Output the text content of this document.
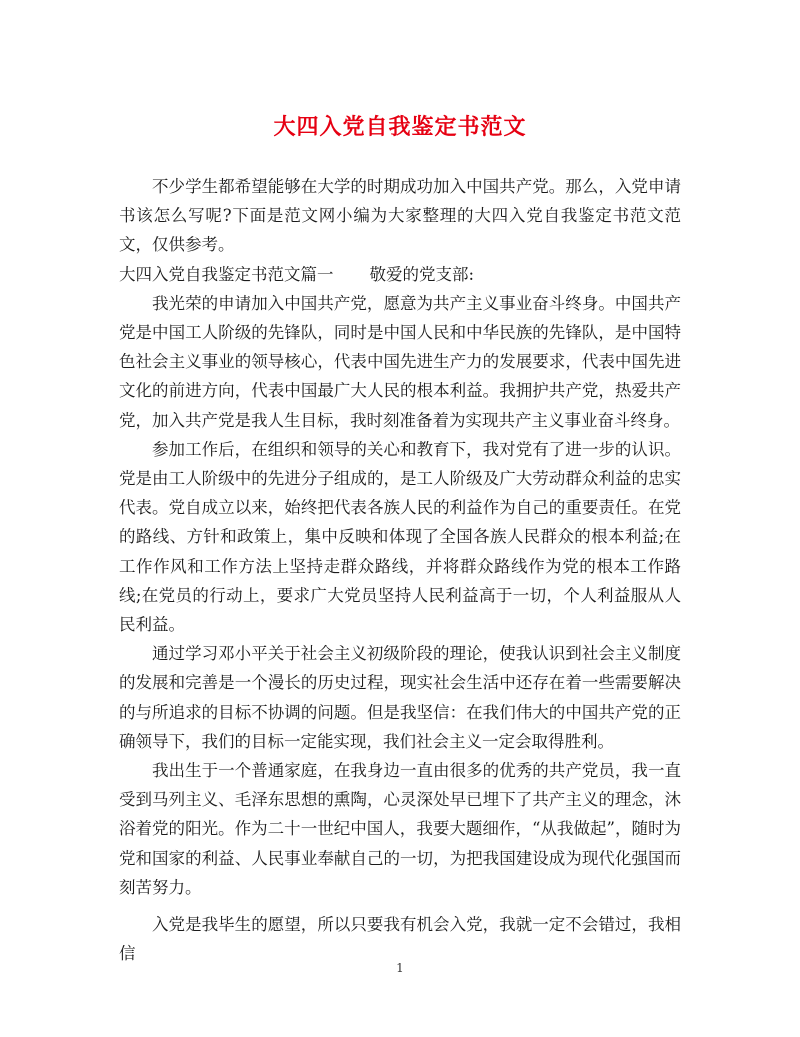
大四入党自我鉴定书范文

不少学生都希望能够在大学的时期成功加入中国共产党。那么，入党申请书该怎么写呢?下面是范文网小编为大家整理的大四入党自我鉴定书范文范文，仅供参考。

大四入党自我鉴定书范文篇一 敬爱的党支部:

我光荣的申请加入中国共产党，愿意为共产主义事业奋斗终身。中国共产党是中国工人阶级的先锋队，同时是中国人民和中华民族的先锋队，是中国特色社会主义事业的领导核心，代表中国先进生产力的发展要求，代表中国先进文化的前进方向，代表中国最广大人民的根本利益。我拥护共产党，热爱共产党，加入共产党是我人生目标，我时刻准备着为实现共产主义事业奋斗终身。

参加工作后，在组织和领导的关心和教育下，我对党有了进一步的认识。党是由工人阶级中的先进分子组成的，是工人阶级及广大劳动群众利益的忠实代表。党自成立以来，始终把代表各族人民的利益作为自己的重要责任。在党的路线、方针和政策上，集中反映和体现了全国各族人民群众的根本利益;在工作作风和工作方法上坚持走群众路线，并将群众路线作为党的根本工作路线;在党员的行动上，要求广大党员坚持人民利益高于一切，个人利益服从人民利益。

通过学习邓小平关于社会主义初级阶段的理论，使我认识到社会主义制度的发展和完善是一个漫长的历史过程，现实社会生活中还存在着一些需要解决的与所追求的目标不协调的问题。但是我坚信：在我们伟大的中国共产党的正确领导下，我们的目标一定能实现，我们社会主义一定会取得胜利。

我出生于一个普通家庭，在我身边一直由很多的优秀的共产党员，我一直受到马列主义、毛泽东思想的熏陶，心灵深处早已埋下了共产主义的理念，沐浴着党的阳光。作为二十一世纪中国人，我要大题细作，“从我做起”，随时为党和国家的利益、人民事业奉献自己的一切，为把我国建设成为现代化强国而刻苦努力。

入党是我毕生的愿望，所以只要我有机会入党，我就一定不会错过，我相信

1
